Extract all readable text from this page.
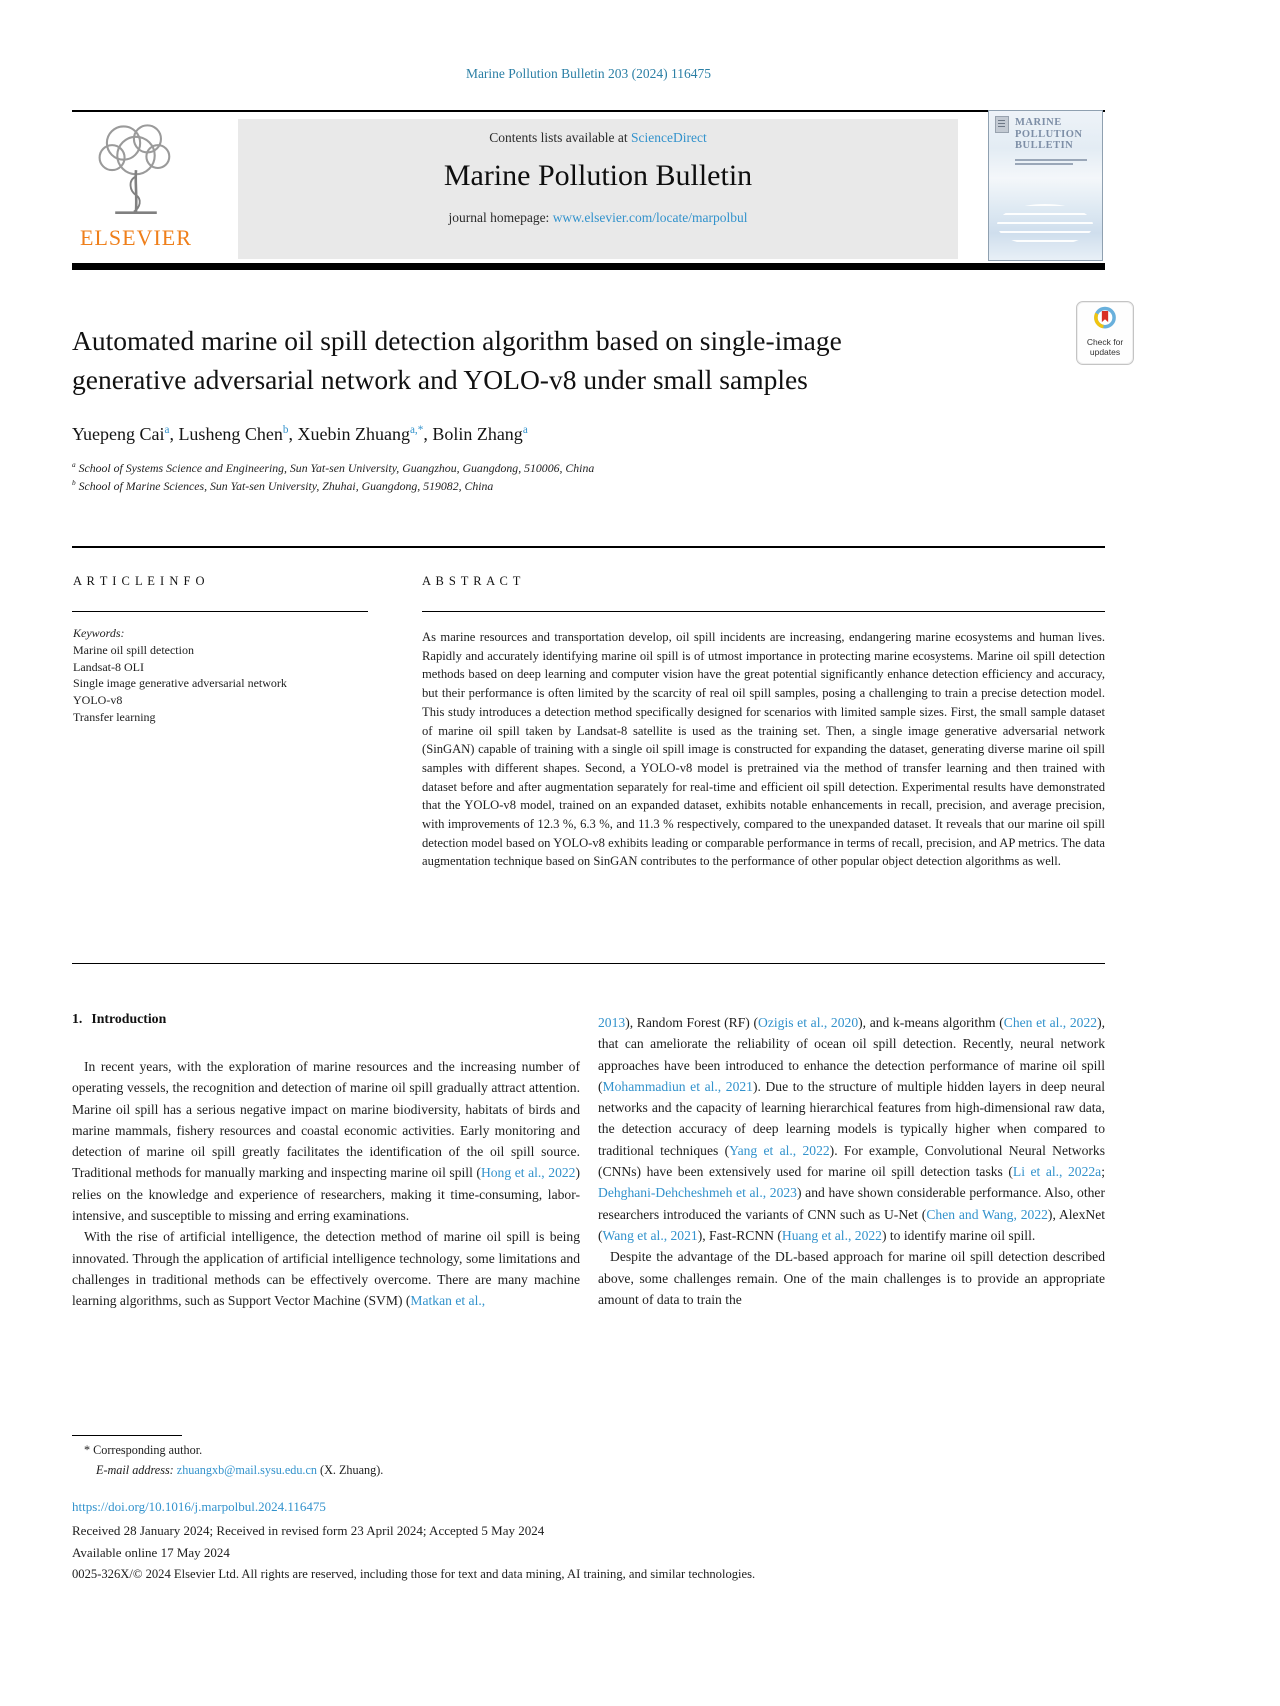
Marine Pollution Bulletin 203 (2024) 116475
ELSEVIER
Contents lists available at ScienceDirect
Marine Pollution Bulletin
journal homepage: www.elsevier.com/locate/marpolbul
MARINE POLLUTION BULLETIN
Automated marine oil spill detection algorithm based on single-image generative adversarial network and YOLO-v8 under small samples
Check for
updates
Yuepeng Cai$^a$, Lusheng Chen$^b$, Xuebin Zhuang$^{a,*}$, Bolin Zhang$^a$
$^a$ School of Systems Science and Engineering, Sun Yat-sen University, Guangzhou, Guangdong, 510006, China
$^b$ School of Marine Sciences, Sun Yat-sen University, Zhuhai, Guangdong, 519082, China
A R T I C L E I N F O	A B S T R A C T
Keywords:
Marine oil spill detection
Landsat-8 OLI
Single image generative adversarial network
YOLO-v8
Transfer learning
As marine resources and transportation develop, oil spill incidents are increasing, endangering marine ecosystems and human lives. Rapidly and accurately identifying marine oil spill is of utmost importance in protecting marine ecosystems. Marine oil spill detection methods based on deep learning and computer vision have the great potential significantly enhance detection efficiency and accuracy, but their performance is often limited by the scarcity of real oil spill samples, posing a challenging to train a precise detection model. This study introduces a detection method specifically designed for scenarios with limited sample sizes. First, the small sample dataset of marine oil spill taken by Landsat-8 satellite is used as the training set. Then, a single image generative adversarial network (SinGAN) capable of training with a single oil spill image is constructed for expanding the dataset, generating diverse marine oil spill samples with different shapes. Second, a YOLO-v8 model is pretrained via the method of transfer learning and then trained with dataset before and after augmentation separately for real-time and efficient oil spill detection. Experimental results have demonstrated that the YOLO-v8 model, trained on an expanded dataset, exhibits notable enhancements in recall, precision, and average precision, with improvements of 12.3 %, 6.3 %, and 11.3 % respectively, compared to the unexpanded dataset. It reveals that our marine oil spill detection model based on YOLO-v8 exhibits leading or comparable performance in terms of recall, precision, and AP metrics. The data augmentation technique based on SinGAN contributes to the performance of other popular object detection algorithms as well.
1. Introduction
In recent years, with the exploration of marine resources and the increasing number of operating vessels, the recognition and detection of marine oil spill gradually attract attention. Marine oil spill has a serious negative impact on marine biodiversity, habitats of birds and marine mammals, fishery resources and coastal economic activities. Early monitoring and detection of marine oil spill greatly facilitates the identification of the oil spill source. Traditional methods for manually marking and inspecting marine oil spill (Hong et al., 2022) relies on the knowledge and experience of researchers, making it time-consuming, labor-intensive, and susceptible to missing and erring examinations.
With the rise of artificial intelligence, the detection method of marine oil spill is being innovated. Through the application of artificial intelligence technology, some limitations and challenges in traditional methods can be effectively overcome. There are many machine learning algorithms, such as Support Vector Machine (SVM) (Matkan et al.,
2013), Random Forest (RF) (Ozigis et al., 2020), and k-means algorithm (Chen et al., 2022), that can ameliorate the reliability of ocean oil spill detection. Recently, neural network approaches have been introduced to enhance the detection performance of marine oil spill (Mohammadiun et al., 2021). Due to the structure of multiple hidden layers in deep neural networks and the capacity of learning hierarchical features from high-dimensional raw data, the detection accuracy of deep learning models is typically higher when compared to traditional techniques (Yang et al., 2022). For example, Convolutional Neural Networks (CNNs) have been extensively used for marine oil spill detection tasks (Li et al., 2022a; Dehghani-Dehcheshmeh et al., 2023) and have shown considerable performance. Also, other researchers introduced the variants of CNN such as U-Net (Chen and Wang, 2022), AlexNet (Wang et al., 2021), Fast-RCNN (Huang et al., 2022) to identify marine oil spill.
Despite the advantage of the DL-based approach for marine oil spill detection described above, some challenges remain. One of the main challenges is to provide an appropriate amount of data to train the
* Corresponding author.
E-mail address: zhuangxb@mail.sysu.edu.cn (X. Zhuang).
https://doi.org/10.1016/j.marpolbul.2024.116475
Received 28 January 2024; Received in revised form 23 April 2024; Accepted 5 May 2024
Available online 17 May 2024
0025-326X/© 2024 Elsevier Ltd. All rights are reserved, including those for text and data mining, AI training, and similar technologies.
